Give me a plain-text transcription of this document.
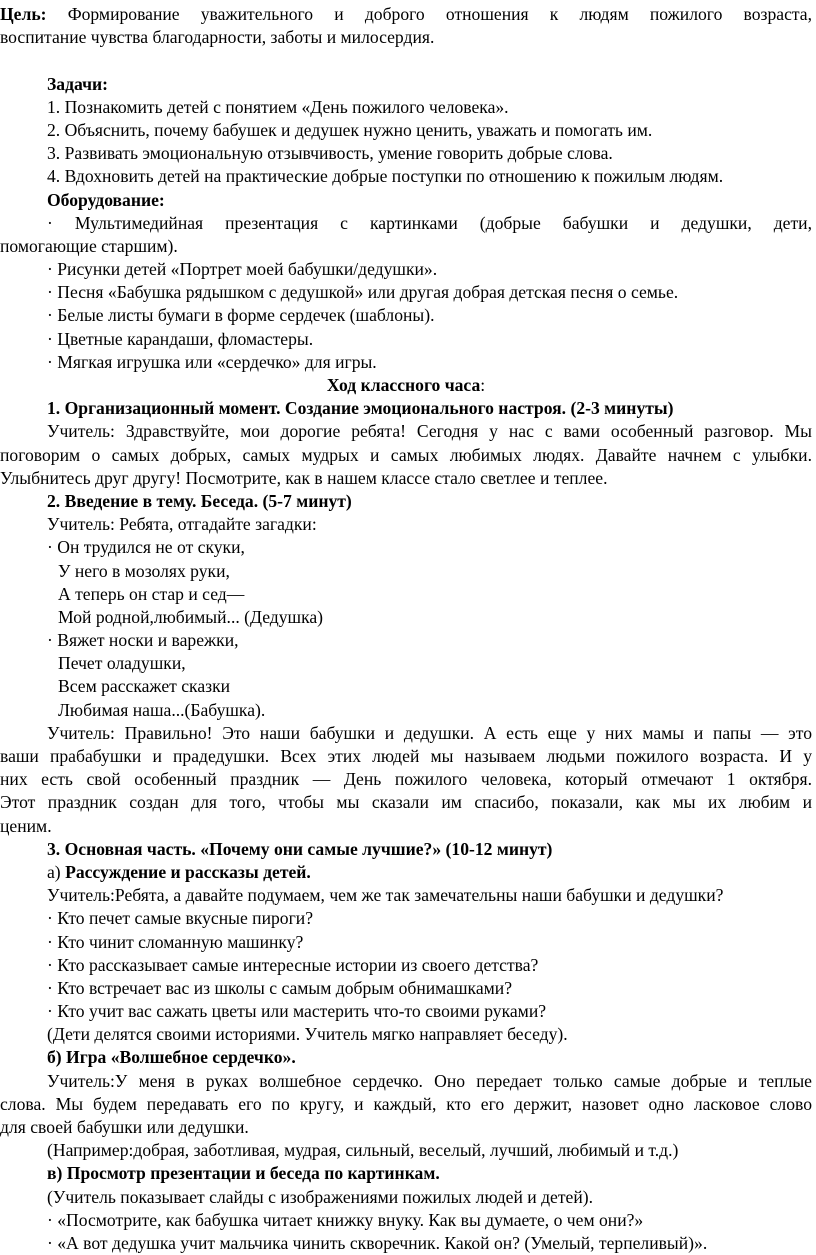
Цель: Формирование уважительного и доброго отношения к людям пожилого возраста,

воспитание чувства благодарности, заботы и милосердия.

Задачи:

1. Познакомить детей с понятием «День пожилого человека».

2. Объяснить, почему бабушек и дедушек нужно ценить, уважать и помогать им.

3. Развивать эмоциональную отзывчивость, умение говорить добрые слова.

4. Вдохновить детей на практические добрые поступки по отношению к пожилым людям.

Оборудование:

· Мультимедийная презентация с картинками (добрые бабушки и дедушки, дети,

помогающие старшим).

· Рисунки детей «Портрет моей бабушки/дедушки».

· Песня «Бабушка рядышком с дедушкой» или другая добрая детская песня о семье.

· Белые листы бумаги в форме сердечек (шаблоны).

· Цветные карандаши, фломастеры.

· Мягкая игрушка или «сердечко» для игры.

Ход классного часа:

1. Организационный момент. Создание эмоционального настроя. (2-3 минуты)

Учитель: Здравствуйте, мои дорогие ребята! Сегодня у нас с вами особенный разговор. Мы

поговорим о самых добрых, самых мудрых и самых любимых людях. Давайте начнем с улыбки.

Улыбнитесь друг другу! Посмотрите, как в нашем классе стало светлее и теплее.

2. Введение в тему. Беседа. (5-7 минут)

Учитель: Ребята, отгадайте загадки:

· Он трудился не от скуки,

У него в мозолях руки,

А теперь он стар и сед—

Мой родной,любимый... (Дедушка)

· Вяжет носки и варежки,

Печет оладушки,

Всем расскажет сказки

Любимая наша...(Бабушка).

Учитель: Правильно! Это наши бабушки и дедушки. А есть еще у них мамы и папы — это

ваши прабабушки и прадедушки. Всех этих людей мы называем людьми пожилого возраста. И у

них есть свой особенный праздник — День пожилого человека, который отмечают 1 октября.

Этот праздник создан для того, чтобы мы сказали им спасибо, показали, как мы их любим и

ценим.

3. Основная часть. «Почему они самые лучшие?» (10-12 минут)

а) Рассуждение и рассказы детей.

Учитель:Ребята, а давайте подумаем, чем же так замечательны наши бабушки и дедушки?

· Кто печет самые вкусные пироги?

· Кто чинит сломанную машинку?

· Кто рассказывает самые интересные истории из своего детства?

· Кто встречает вас из школы с самым добрым обнимашками?

· Кто учит вас сажать цветы или мастерить что-то своими руками?

(Дети делятся своими историями. Учитель мягко направляет беседу).

б) Игра «Волшебное сердечко».

Учитель:У меня в руках волшебное сердечко. Оно передает только самые добрые и теплые

слова. Мы будем передавать его по кругу, и каждый, кто его держит, назовет одно ласковое слово

для своей бабушки или дедушки.

(Например:добрая, заботливая, мудрая, сильный, веселый, лучший, любимый и т.д.)

в) Просмотр презентации и беседа по картинкам.

(Учитель показывает слайды с изображениями пожилых людей и детей).

· «Посмотрите, как бабушка читает книжку внуку. Как вы думаете, о чем они?»

· «А вот дедушка учит мальчика чинить скворечник. Какой он? (Умелый, терпеливый)».
